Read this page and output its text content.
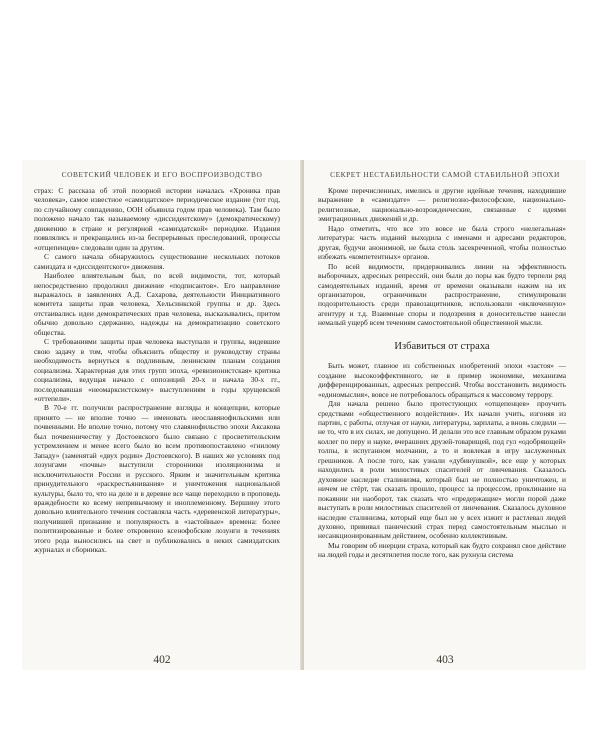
СОВЕТСКИЙ ЧЕЛОВЕК И ЕГО ВОСПРОИЗВОДСТВО

страх: С рассказа об этой позорной истории началась «Хроника прав человека», самое известное «самиздатское» периодическое издание (тот год, по случайному совпадению, ООН объявила годом прав человека). Там было положено начало так называемому «диссидентскому» (демократическому) движению в стране и регулярной «самиздатской» периодике. Издания появлялись и прекращались из-за беспрерывных преследований, процессы «отщепенцев» следовали один за другим.

С самого начала обнаружилось существование нескольких потоков самиздата и «диссидентского» движения.

Наиболее влиятельным был, по всей видимости, тот, который непосредственно продолжил движение «подписантов». Его направление выражалось в заявлениях А.Д. Сахарова, деятельности Инициативного комитета защиты прав человека, Хельсинкской группы и др. Здесь отстаивались идеи демократических прав человека, высказывались, притом обычно довольно сдержанно, надежды на демократизацию советского общества.

С требованиями защиты прав человека выступали и группы, видевшие свою задачу в том, чтобы объяснить обществу и руководству страны необходимость вернуться к подлинным, ленинским планам создания социализма. Характерная для этих групп эпоха, «ревизионистская» критика социализма, ведущая начало с оппозиций 20-х и начала 30-х гг., последовавшая «неомарксистскому» выступлениям в годы хрущевской «оттепели».

В 70-е гг. получили распространение взгляды и концепции, которые принято — не вполне точно — именовать неославянофильскими или почвенными. Не вполне точно, потому что славянофильство эпохи Аксакова был почвенничеству у Достоевского было связано с просветительским устремлением и менее всего было во всем противопоставлено «гнилому Западу» (заменятай «двух родин» Достоевского). В наших же условиях под лозунгами «почвы» выступили сторонники изоляционизма и исключительности России и русского. Ярким и значительным критика принудительного «раскрестьянивания» и уничтожения национальной культуры, было то, что на деле и в деревне все чаще переходило в проповедь враждебности ко всему непривычному и иноплеменному. Вершину этого довольно влиятельного течения составляла часть «деревенской литературы», получившей признание и популярность в «застойные» времена: более политизированные и более откровенно ксенофобские лозунги в течениях этого рода выносились на свет и публиковались в неких самиздатских журналах и сборниках.

402
СЕКРЕТ НЕСТАБИЛЬНОСТИ САМОЙ СТАБИЛЬНОЙ ЭПОХИ

Кроме перечисленных, имелись и другие идейные течения, находившие выражение в «самиздате» — религиозно-философские, национально-религиозные, национально-возрожденческие, связанные с идеями эмиграционных движений и др.

Надо отметить, что все это вовсе не была строго «нелегальная» литература: часть изданий выходила с именами и адресами редакторов, другая, будучи анонимной, не была столь засекреченной, чтобы полностью избежать «компетентных» органов.

По всей видимости, придерживались линии на эффективность выборочных, адресных репрессий, они были до поры как будто терпели ряд самодеятельных изданий, время от времени оказывали нажим на их организаторов, ограничивали распространение, стимулировали подозрительность среди правозащитников, использовали «включенную» агентуру и т.д. Взаимные споры и подозрения в доносительстве нанесли немалый ущерб всем течениям самостоятельной общественной мысли.

Избавиться от страха

Быть может, главное из собственных изобретений эпохи «застоя» — создание высокоэффективного, не в пример экономике, механизма дифференцированных, адресных репрессий. Чтобы восстановить видимость «единомыслия», вовсе не потребовалось обращаться к массовому террору.

Для начала решено было протестующих «отщепенцев» проучить средствами «общественного воздействия». Их начали учить, изгоняя из партии, с работы, отлучая от науки, литературы, зарплаты, а вновь следили — не то, что в их силах, не допущено. И делали это все главным образом руками коллег по перу и науке, вчерашних друзей-товарищей, под гул «одобряющей» толпы, в испуганном молчании, а то и вовлекая в игру заслуженных грешников. А после того, как узнали «дубинушкой», все еще у которых находились в роли милостивых спасителей от линчевания. Сказалось духовное наследие сталинизма, который был не полностью уничтожен, и ничем не стёрт, так сказать прошло, процесс за процессом, проклинание на покаянии ни наоборот, так сказать что «предержащие» могли порой даже выступать в роли милостивых спасителей от линчевания. Сказалось духовное наследие сталинизма, который еще был не у всех изжит и растлевал людей духовно, прививал панический страх перед самостоятельным мыслью и несанкционированным действием, особенно коллективным.

Мы говорим об инерции страха, который как будто сохранял свое действие на людей годы и десятилетия после того, как рухнула система

403
